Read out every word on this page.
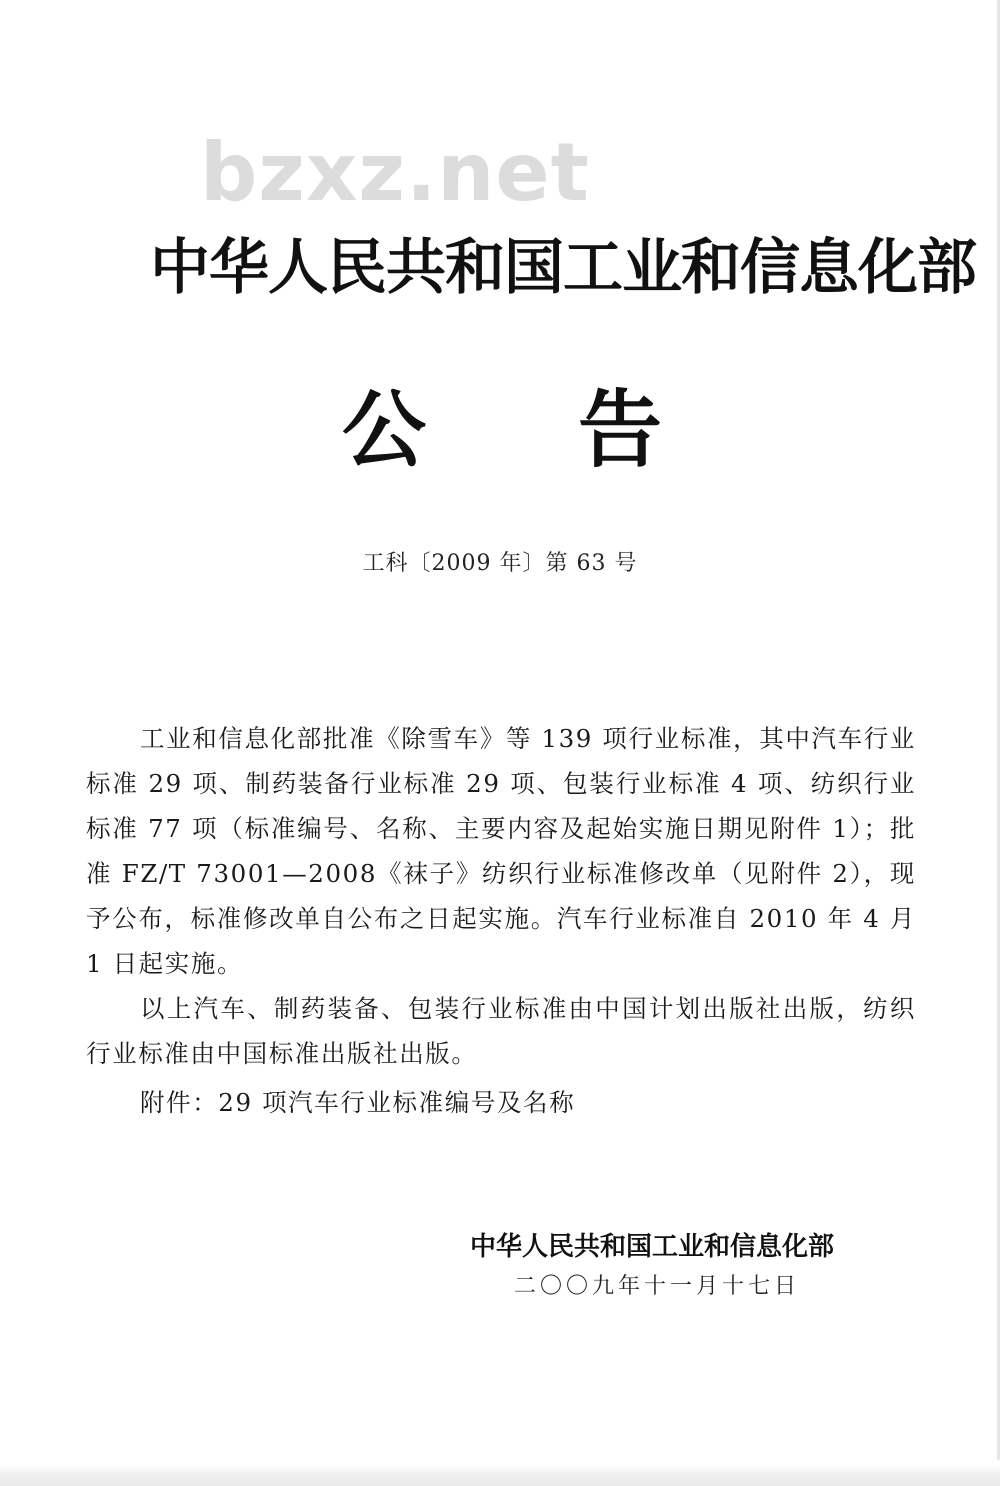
bzxz.net
中华人民共和国工业和信息化部
公 告
工科〔2009 年〕第 63 号

工业和信息化部批准《除雪车》等 139 项行业标准，其中汽车行业标准 29 项、制药装备行业标准 29 项、包装行业标准 4 项、纺织行业标准 77 项（标准编号、名称、主要内容及起始实施日期见附件 1）；批准 FZ/T 73001—2008《袜子》纺织行业标准修改单（见附件 2），现予公布，标准修改单自公布之日起实施。汽车行业标准自 2010 年 4 月 1 日起实施。

以上汽车、制药装备、包装行业标准由中国计划出版社出版，纺织行业标准由中国标准出版社出版。

附件：29 项汽车行业标准编号及名称

中华人民共和国工业和信息化部
二〇〇九年十一月十七日
